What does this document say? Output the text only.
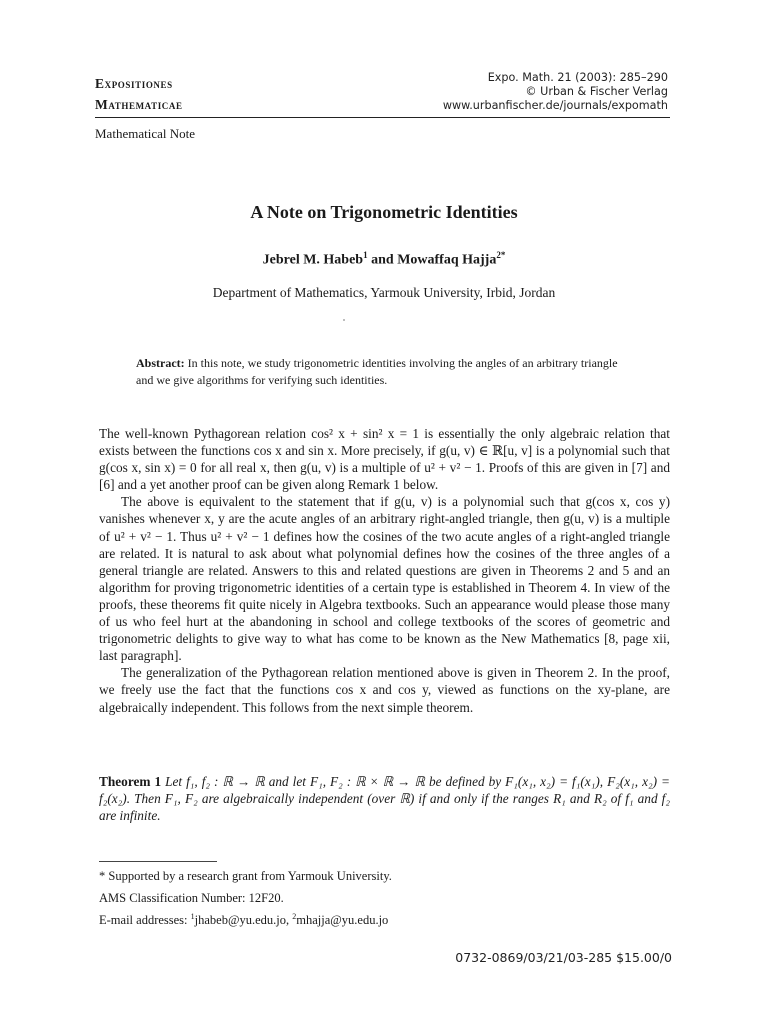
Expositiones
Mathematicae
Expo. Math. 21 (2003): 285–290
© Urban & Fischer Verlag
www.urbanfischer.de/journals/expomath
Mathematical Note
A Note on Trigonometric Identities
Jebrel M. Habeb$^1$ and Mowaffaq Hajja$^{2*}$
Department of Mathematics, Yarmouk University, Irbid, Jordan
Abstract: In this note, we study trigonometric identities involving the angles of an arbitrary triangle and we give algorithms for verifying such identities.

The well-known Pythagorean relation cos² x + sin² x = 1 is essentially the only algebraic relation that exists between the functions cos x and sin x. More precisely, if g(u, v) ∈ ℝ[u, v] is a polynomial such that g(cos x, sin x) = 0 for all real x, then g(u, v) is a multiple of u² + v² − 1. Proofs of this are given in [7] and [6] and a yet another proof can be given along Remark 1 below.

The above is equivalent to the statement that if g(u, v) is a polynomial such that g(cos x, cos y) vanishes whenever x, y are the acute angles of an arbitrary right-angled triangle, then g(u, v) is a multiple of u² + v² − 1. Thus u² + v² − 1 defines how the cosines of the two acute angles of a right-angled triangle are related. It is natural to ask about what polynomial defines how the cosines of the three angles of a general triangle are related. Answers to this and related questions are given in Theorems 2 and 5 and an algorithm for proving trigonometric identities of a certain type is established in Theorem 4. In view of the proofs, these theorems fit quite nicely in Algebra textbooks. Such an appearance would please those many of us who feel hurt at the abandoning in school and college textbooks of the scores of geometric and trigonometric delights to give way to what has come to be known as the New Mathematics [8, page xii, last paragraph].

The generalization of the Pythagorean relation mentioned above is given in Theorem 2. In the proof, we freely use the fact that the functions cos x and cos y, viewed as functions on the xy-plane, are algebraically independent. This follows from the next simple theorem.

Theorem 1 Let f₁, f₂ : ℝ → ℝ and let F₁, F₂ : ℝ × ℝ → ℝ be defined by F₁(x₁, x₂) = f₁(x₁), F₂(x₁, x₂) = f₂(x₂). Then F₁, F₂ are algebraically independent (over ℝ) if and only if the ranges R₁ and R₂ of f₁ and f₂ are infinite.
* Supported by a research grant from Yarmouk University.
AMS Classification Number: 12F20.
E-mail addresses: $^1$jhabeb@yu.edu.jo, $^2$mhajja@yu.edu.jo
0732-0869/03/21/03-285 $15.00/0
